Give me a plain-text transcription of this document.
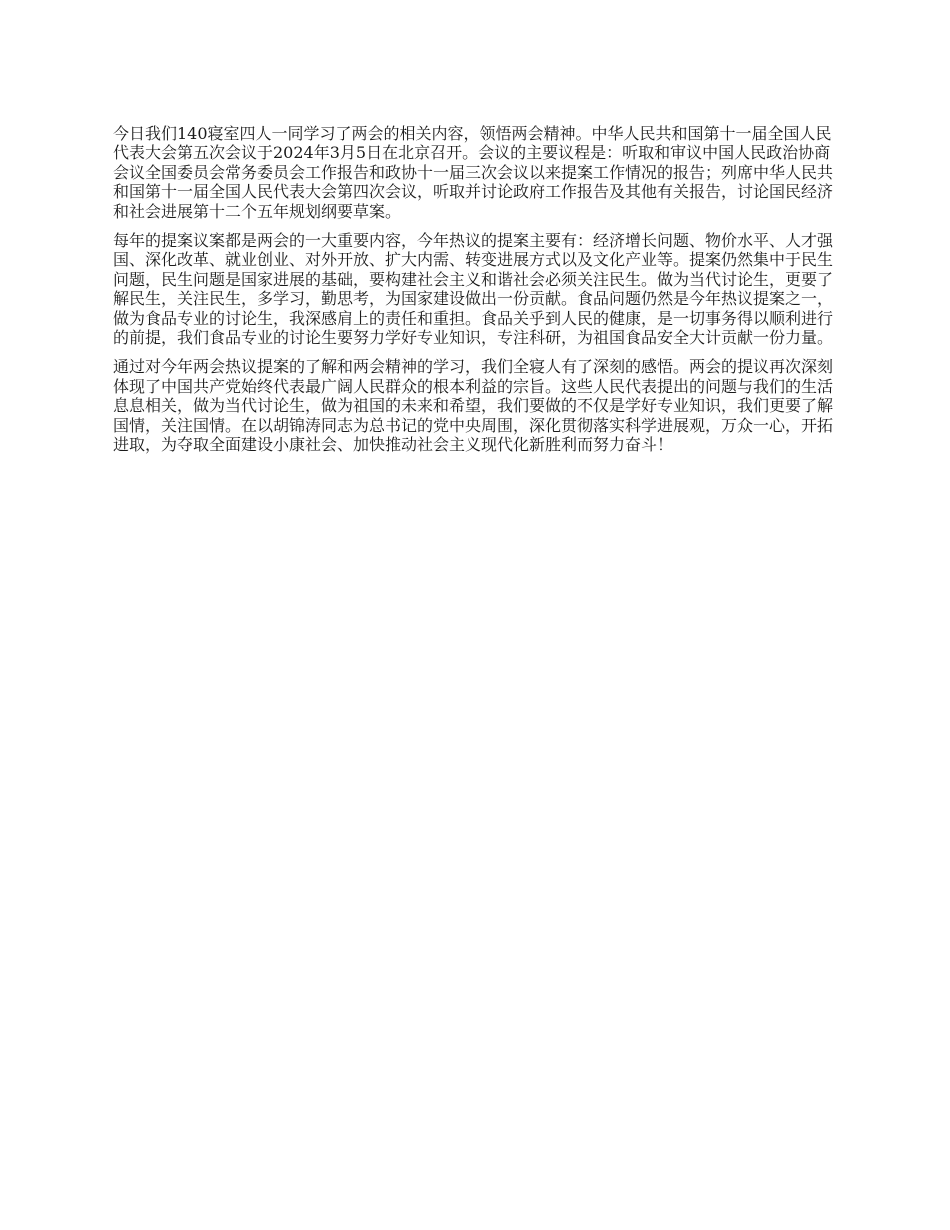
今日我们140寝室四人一同学习了两会的相关内容，领悟两会精神。中华人民共和国第十一届全国人民代表大会第五次会议于2024年3月5日在北京召开。会议的主要议程是：听取和审议中国人民政治协商会议全国委员会常务委员会工作报告和政协十一届三次会议以来提案工作情况的报告；列席中华人民共和国第十一届全国人民代表大会第四次会议，听取并讨论政府工作报告及其他有关报告，讨论国民经济和社会进展第十二个五年规划纲要草案。

每年的提案议案都是两会的一大重要内容，今年热议的提案主要有：经济增长问题、物价水平、人才强国、深化改革、就业创业、对外开放、扩大内需、转变进展方式以及文化产业等。提案仍然集中于民生问题，民生问题是国家进展的基础，要构建社会主义和谐社会必须关注民生。做为当代讨论生，更要了解民生，关注民生，多学习，勤思考，为国家建设做出一份贡献。食品问题仍然是今年热议提案之一，做为食品专业的讨论生，我深感肩上的责任和重担。食品关乎到人民的健康，是一切事务得以顺利进行的前提，我们食品专业的讨论生要努力学好专业知识，专注科研，为祖国食品安全大计贡献一份力量。

通过对今年两会热议提案的了解和两会精神的学习，我们全寝人有了深刻的感悟。两会的提议再次深刻体现了中国共产党始终代表最广阔人民群众的根本利益的宗旨。这些人民代表提出的问题与我们的生活息息相关，做为当代讨论生，做为祖国的未来和希望，我们要做的不仅是学好专业知识，我们更要了解国情，关注国情。在以胡锦涛同志为总书记的党中央周围，深化贯彻落实科学进展观，万众一心，开拓进取，为夺取全面建设小康社会、加快推动社会主义现代化新胜利而努力奋斗！
